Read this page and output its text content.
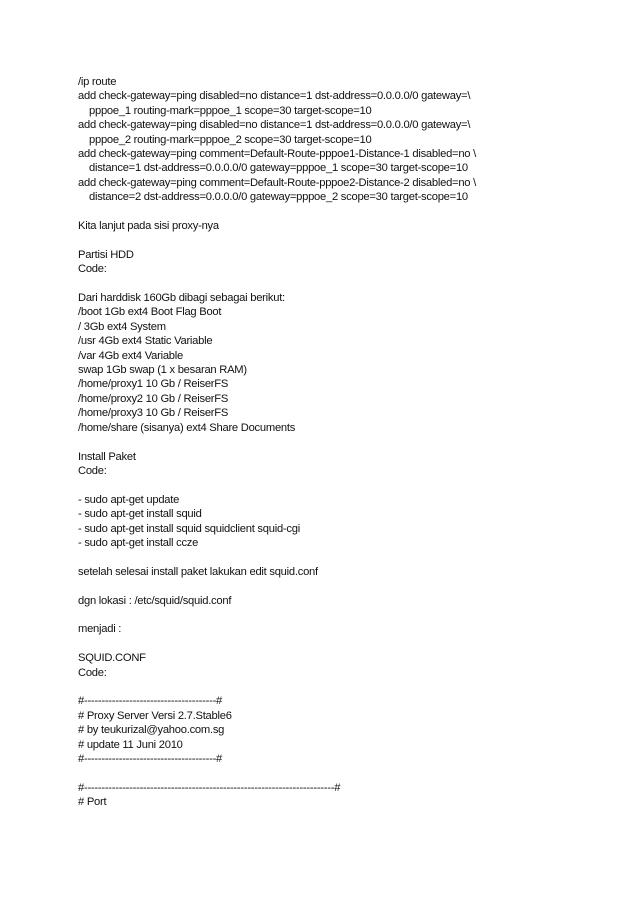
/ip route
add check-gateway=ping disabled=no distance=1 dst-address=0.0.0.0/0 gateway=\
pppoe_1 routing-mark=pppoe_1 scope=30 target-scope=10
add check-gateway=ping disabled=no distance=1 dst-address=0.0.0.0/0 gateway=\
pppoe_2 routing-mark=pppoe_2 scope=30 target-scope=10
add check-gateway=ping comment=Default-Route-pppoe1-Distance-1 disabled=no \
distance=1 dst-address=0.0.0.0/0 gateway=pppoe_1 scope=30 target-scope=10
add check-gateway=ping comment=Default-Route-pppoe2-Distance-2 disabled=no \
distance=2 dst-address=0.0.0.0/0 gateway=pppoe_2 scope=30 target-scope=10
Kita lanjut pada sisi proxy-nya
Partisi HDD
Code:
Dari harddisk 160Gb dibagi sebagai berikut:
/boot 1Gb ext4 Boot Flag Boot
/ 3Gb ext4 System
/usr 4Gb ext4 Static Variable
/var 4Gb ext4 Variable
swap 1Gb swap (1 x besaran RAM)
/home/proxy1 10 Gb / ReiserFS
/home/proxy2 10 Gb / ReiserFS
/home/proxy3 10 Gb / ReiserFS
/home/share (sisanya) ext4 Share Documents
Install Paket
Code:
- sudo apt-get update
- sudo apt-get install squid
- sudo apt-get install squid squidclient squid-cgi
- sudo apt-get install ccze
setelah selesai install paket lakukan edit squid.conf
dgn lokasi : /etc/squid/squid.conf
menjadi :
SQUID.CONF
Code:
#--------------------------------------#
# Proxy Server Versi 2.7.Stable6
# by teukurizal@yahoo.com.sg
# update 11 Juni 2010
#--------------------------------------#
#------------------------------------------------------------------------#
# Port
